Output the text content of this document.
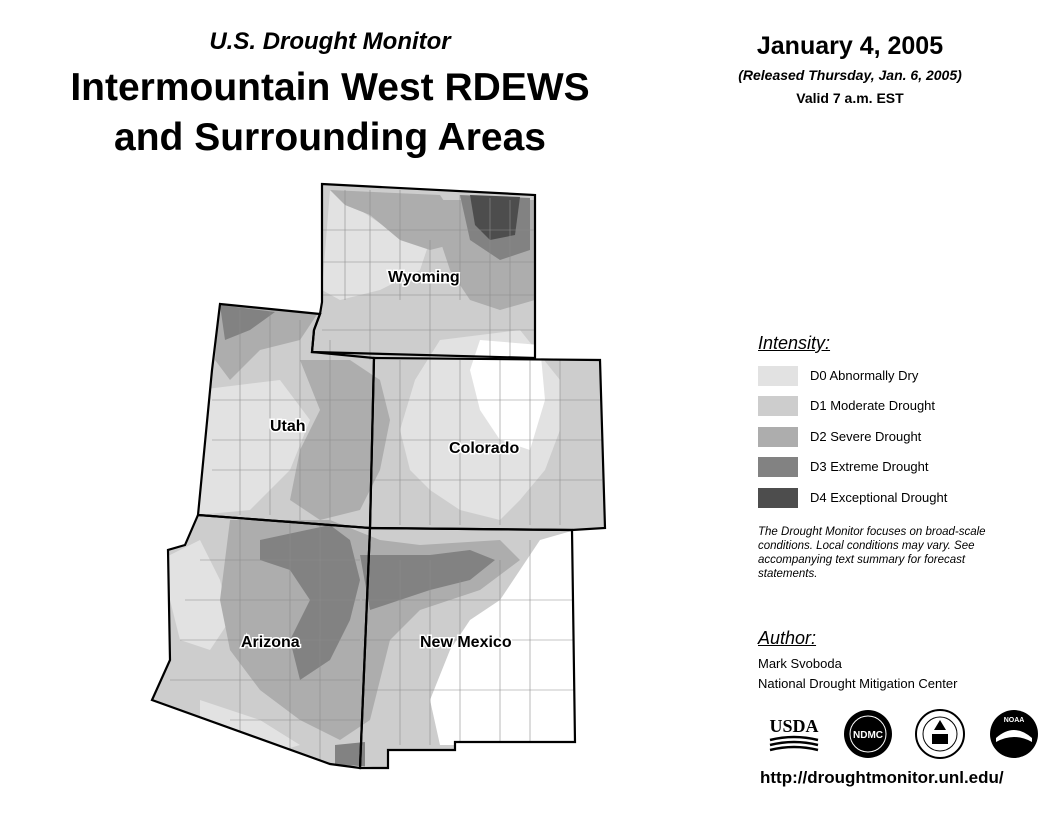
U.S. Drought Monitor
Intermountain West RDEWS
and Surrounding Areas
January 4, 2005
(Released Thursday, Jan. 6, 2005)
Valid 7 a.m. EST
Wyoming
Utah
Colorado
Arizona	New Mexico
Intensity:
D0 Abnormally Dry
D1 Moderate Drought
D2 Severe Drought
D3 Extreme Drought
D4 Exceptional Drought
The Drought Monitor focuses on broad-scale conditions. Local conditions may vary. See accompanying text summary for forecast statements.
Author:
Mark Svoboda
National Drought Mitigation Center
USDA	NDMC
NOAA
http://droughtmonitor.unl.edu/
